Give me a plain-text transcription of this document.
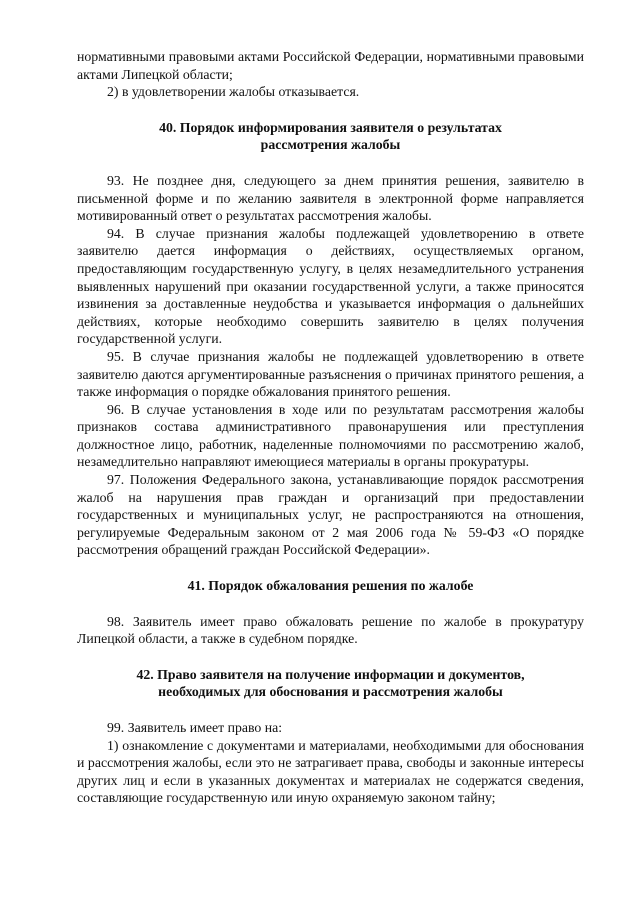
нормативными правовыми актами Российской Федерации, нормативными правовыми актами Липецкой области;

2) в удовлетворении жалобы отказывается.

40. Порядок информирования заявителя о результатах
рассмотрения жалобы

93. Не позднее дня, следующего за днем принятия решения, заявителю в письменной форме и по желанию заявителя в электронной форме направляется мотивированный ответ о результатах рассмотрения жалобы.

94. В случае признания жалобы подлежащей удовлетворению в ответе заявителю дается информация о действиях, осуществляемых органом, предоставляющим государственную услугу, в целях незамедлительного устранения выявленных нарушений при оказании государственной услуги, а также приносятся извинения за доставленные неудобства и указывается информация о дальнейших действиях, которые необходимо совершить заявителю в целях получения государственной услуги.

95. В случае признания жалобы не подлежащей удовлетворению в ответе заявителю даются аргументированные разъяснения о причинах принятого решения, а также информация о порядке обжалования принятого решения.

96. В случае установления в ходе или по результатам рассмотрения жалобы признаков состава административного правонарушения или преступления должностное лицо, работник, наделенные полномочиями по рассмотрению жалоб, незамедлительно направляют имеющиеся материалы в органы прокуратуры.

97. Положения Федерального закона, устанавливающие порядок рассмотрения жалоб на нарушения прав граждан и организаций при предоставлении государственных и муниципальных услуг, не распространяются на отношения, регулируемые Федеральным законом от 2 мая 2006 года № 59-ФЗ «О порядке рассмотрения обращений граждан Российской Федерации».

41. Порядок обжалования решения по жалобе

98. Заявитель имеет право обжаловать решение по жалобе в прокуратуру Липецкой области, а также в судебном порядке.

42. Право заявителя на получение информации и документов,
необходимых для обоснования и рассмотрения жалобы

99. Заявитель имеет право на:

1) ознакомление с документами и материалами, необходимыми для обоснования и рассмотрения жалобы, если это не затрагивает права, свободы и законные интересы других лиц и если в указанных документах и материалах не содержатся сведения, составляющие государственную или иную охраняемую законом тайну;
